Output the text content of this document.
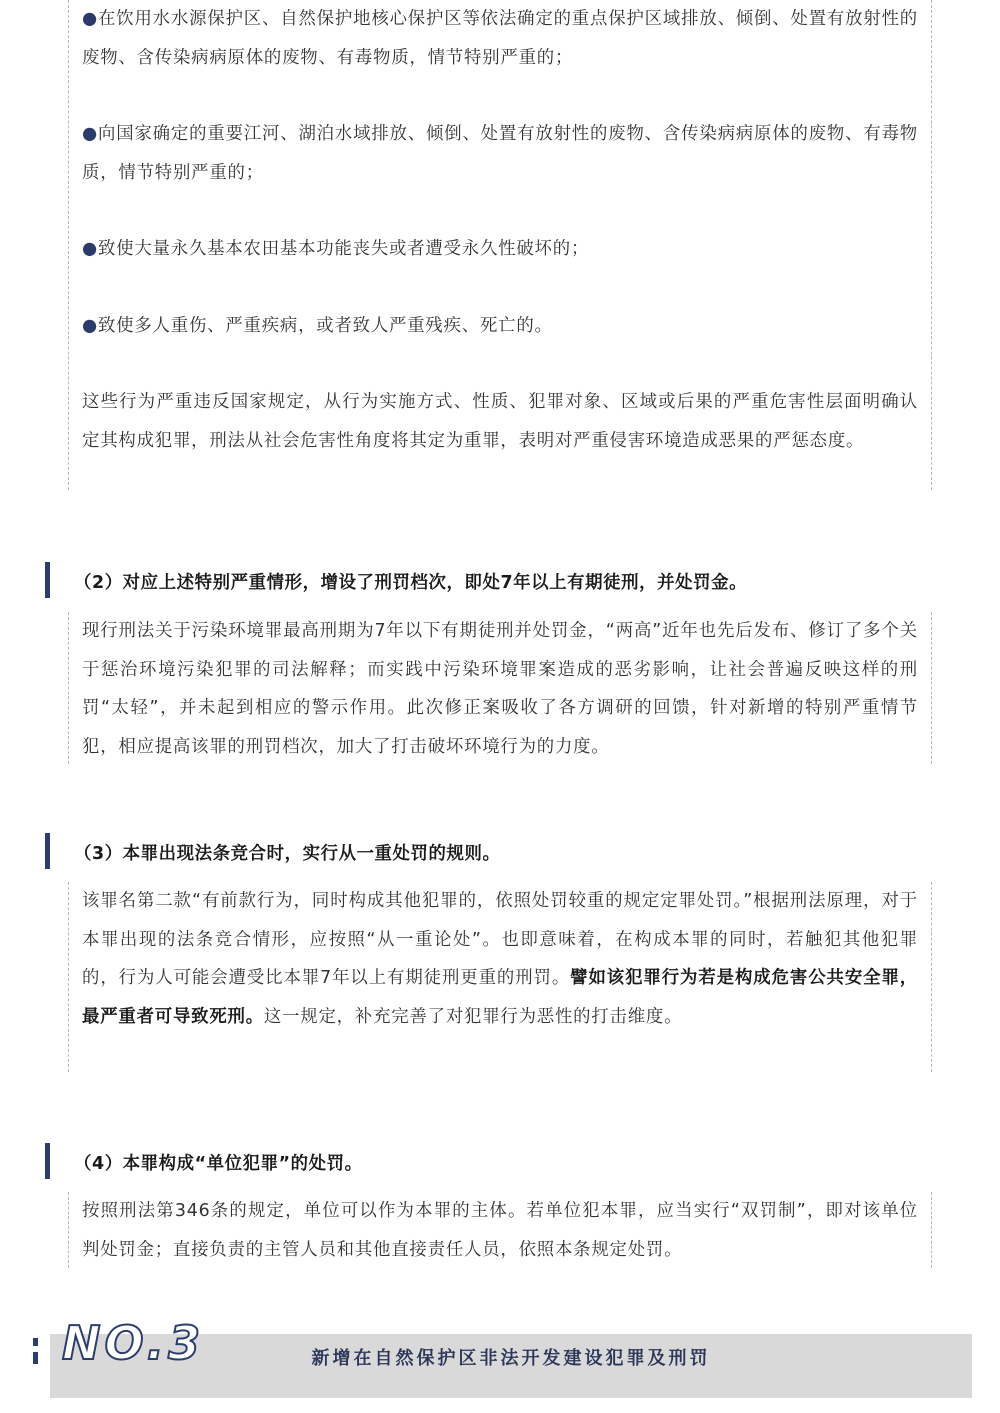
●在饮用水水源保护区、自然保护地核心保护区等依法确定的重点保护区域排放、倾倒、处置有放射性的废物、含传染病病原体的废物、有毒物质，情节特别严重的；

●向国家确定的重要江河、湖泊水域排放、倾倒、处置有放射性的废物、含传染病病原体的废物、有毒物质，情节特别严重的；

●致使大量永久基本农田基本功能丧失或者遭受永久性破坏的；

●致使多人重伤、严重疾病，或者致人严重残疾、死亡的。

这些行为严重违反国家规定，从行为实施方式、性质、犯罪对象、区域或后果的严重危害性层面明确认定其构成犯罪，刑法从社会危害性角度将其定为重罪，表明对严重侵害环境造成恶果的严惩态度。

（2）对应上述特别严重情形，增设了刑罚档次，即处7年以上有期徒刑，并处罚金。

现行刑法关于污染环境罪最高刑期为7年以下有期徒刑并处罚金，“两高”近年也先后发布、修订了多个关于惩治环境污染犯罪的司法解释；而实践中污染环境罪案造成的恶劣影响，让社会普遍反映这样的刑罚“太轻”，并未起到相应的警示作用。此次修正案吸收了各方调研的回馈，针对新增的特别严重情节犯，相应提高该罪的刑罚档次，加大了打击破坏环境行为的力度。

（3）本罪出现法条竞合时，实行从一重处罚的规则。

该罪名第二款“有前款行为，同时构成其他犯罪的，依照处罚较重的规定定罪处罚。”根据刑法原理，对于本罪出现的法条竞合情形，应按照“从一重论处”。也即意味着，在构成本罪的同时，若触犯其他犯罪的，行为人可能会遭受比本罪7年以上有期徒刑更重的刑罚。譬如该犯罪行为若是构成危害公共安全罪，最严重者可导致死刑。这一规定，补充完善了对犯罪行为恶性的打击维度。

（4）本罪构成“单位犯罪”的处罚。

按照刑法第346条的规定，单位可以作为本罪的主体。若单位犯本罪，应当实行“双罚制”，即对该单位判处罚金；直接负责的主管人员和其他直接责任人员，依照本条规定处罚。

新增在自然保护区非法开发建设犯罪及刑罚
NO.3
